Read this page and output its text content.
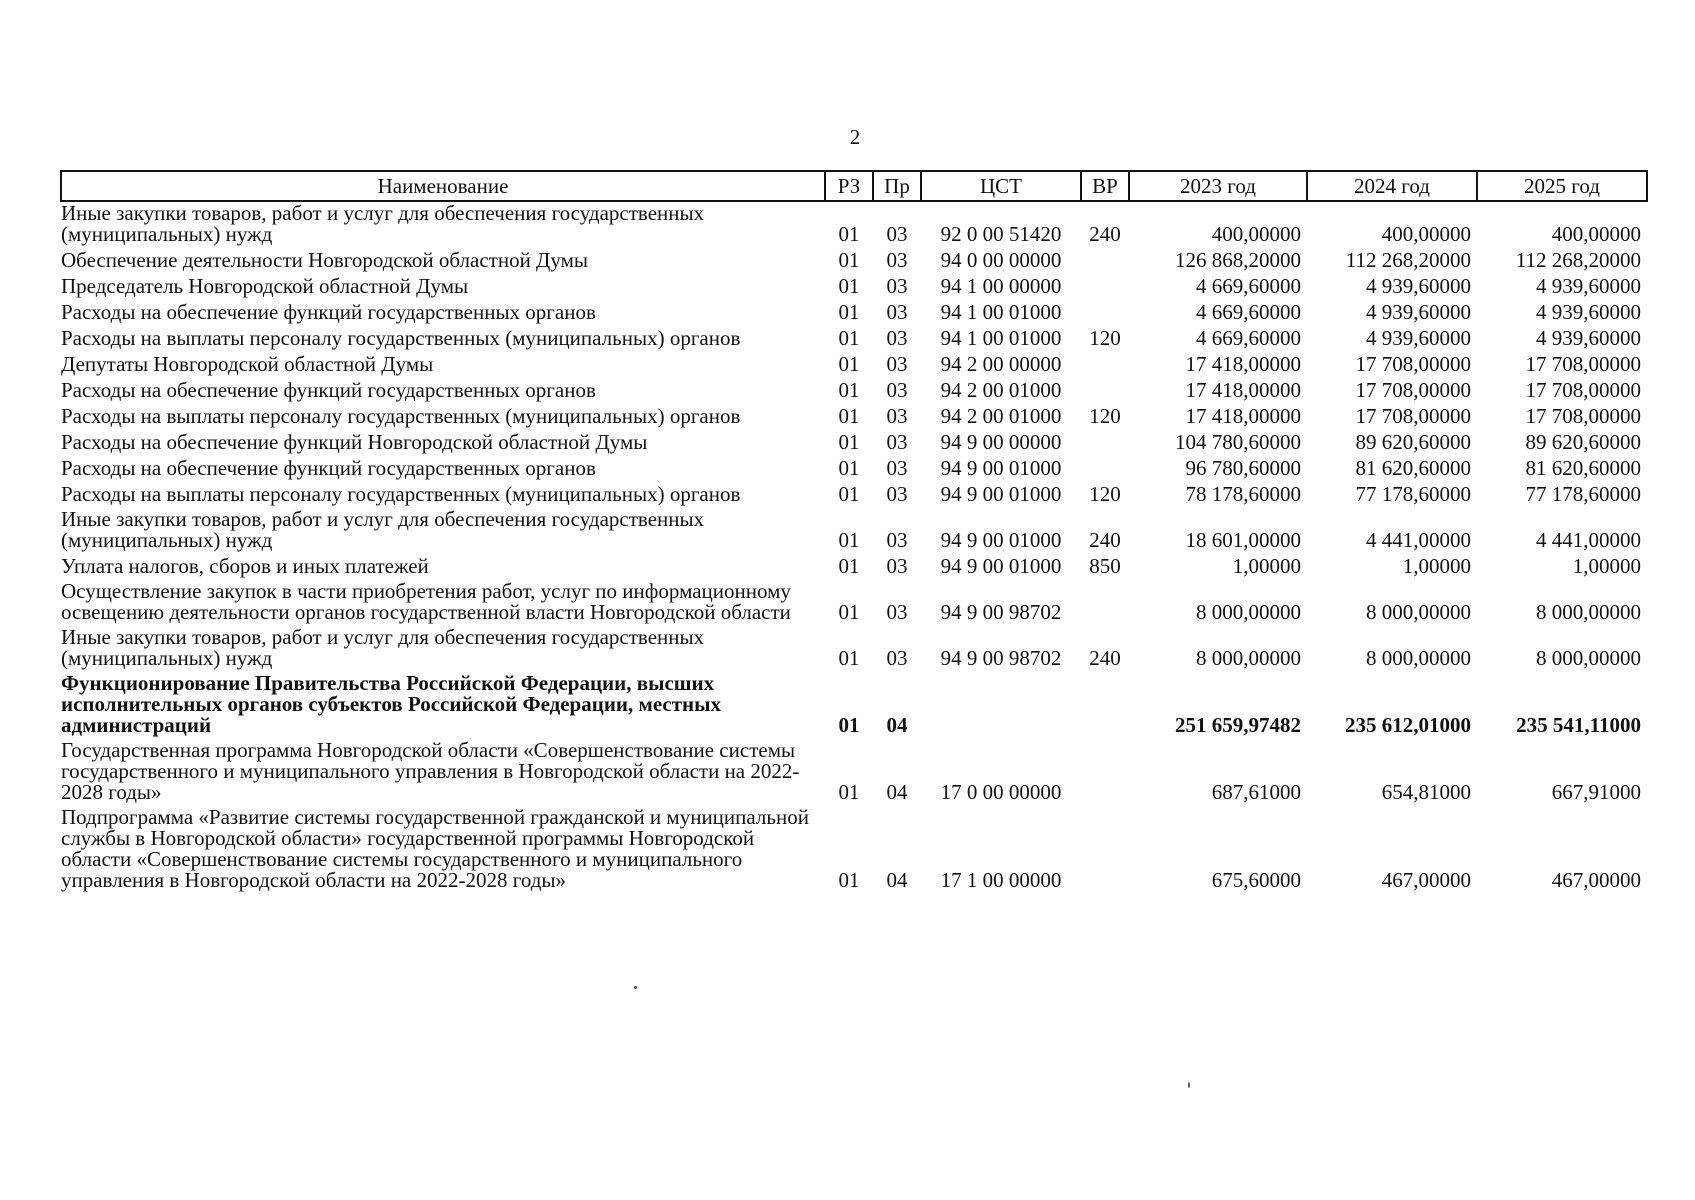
2
Наименование	РЗ	Пр	ЦСТ	ВР	2023 год	2024 год	2025 год
Иные закупки товаров, работ и услуг для обеспечения государственных (муниципальных) нужд	01	03	92 0 00 51420	240	400,00000	400,00000	400,00000
Обеспечение деятельности Новгородской областной Думы	01	03	94 0 00 00000		126 868,20000	112 268,20000	112 268,20000
Председатель Новгородской областной Думы	01	03	94 1 00 00000		4 669,60000	4 939,60000	4 939,60000
Расходы на обеспечение функций государственных органов	01	03	94 1 00 01000		4 669,60000	4 939,60000	4 939,60000
Расходы на выплаты персоналу государственных (муниципальных) органов	01	03	94 1 00 01000	120	4 669,60000	4 939,60000	4 939,60000
Депутаты Новгородской областной Думы	01	03	94 2 00 00000		17 418,00000	17 708,00000	17 708,00000
Расходы на обеспечение функций государственных органов	01	03	94 2 00 01000		17 418,00000	17 708,00000	17 708,00000
Расходы на выплаты персоналу государственных (муниципальных) органов	01	03	94 2 00 01000	120	17 418,00000	17 708,00000	17 708,00000
Расходы на обеспечение функций Новгородской областной Думы	01	03	94 9 00 00000		104 780,60000	89 620,60000	89 620,60000
Расходы на обеспечение функций государственных органов	01	03	94 9 00 01000		96 780,60000	81 620,60000	81 620,60000
Расходы на выплаты персоналу государственных (муниципальных) органов	01	03	94 9 00 01000	120	78 178,60000	77 178,60000	77 178,60000
Иные закупки товаров, работ и услуг для обеспечения государственных (муниципальных) нужд	01	03	94 9 00 01000	240	18 601,00000	4 441,00000	4 441,00000
Уплата налогов, сборов и иных платежей	01	03	94 9 00 01000	850	1,00000	1,00000	1,00000
Осуществление закупок в части приобретения работ, услуг по информационному освещению деятельности органов государственной власти Новгородской области	01	03	94 9 00 98702		8 000,00000	8 000,00000	8 000,00000
Иные закупки товаров, работ и услуг для обеспечения государственных (муниципальных) нужд	01	03	94 9 00 98702	240	8 000,00000	8 000,00000	8 000,00000
Функционирование Правительства Российской Федерации, высших исполнительных органов субъектов Российской Федерации, местных администраций	01	04			251 659,97482	235 612,01000	235 541,11000
Государственная программа Новгородской области «Совершенствование системы государственного и муниципального управления в Новгородской области на 2022-2028 годы»	01	04	17 0 00 00000		687,61000	654,81000	667,91000
Подпрограмма «Развитие системы государственной гражданской и муниципальной службы в Новгородской области» государственной программы Новгородской области «Совершенствование системы государственного и муниципального управления в Новгородской области на 2022-2028 годы»	01	04	17 1 00 00000		675,60000	467,00000	467,00000
